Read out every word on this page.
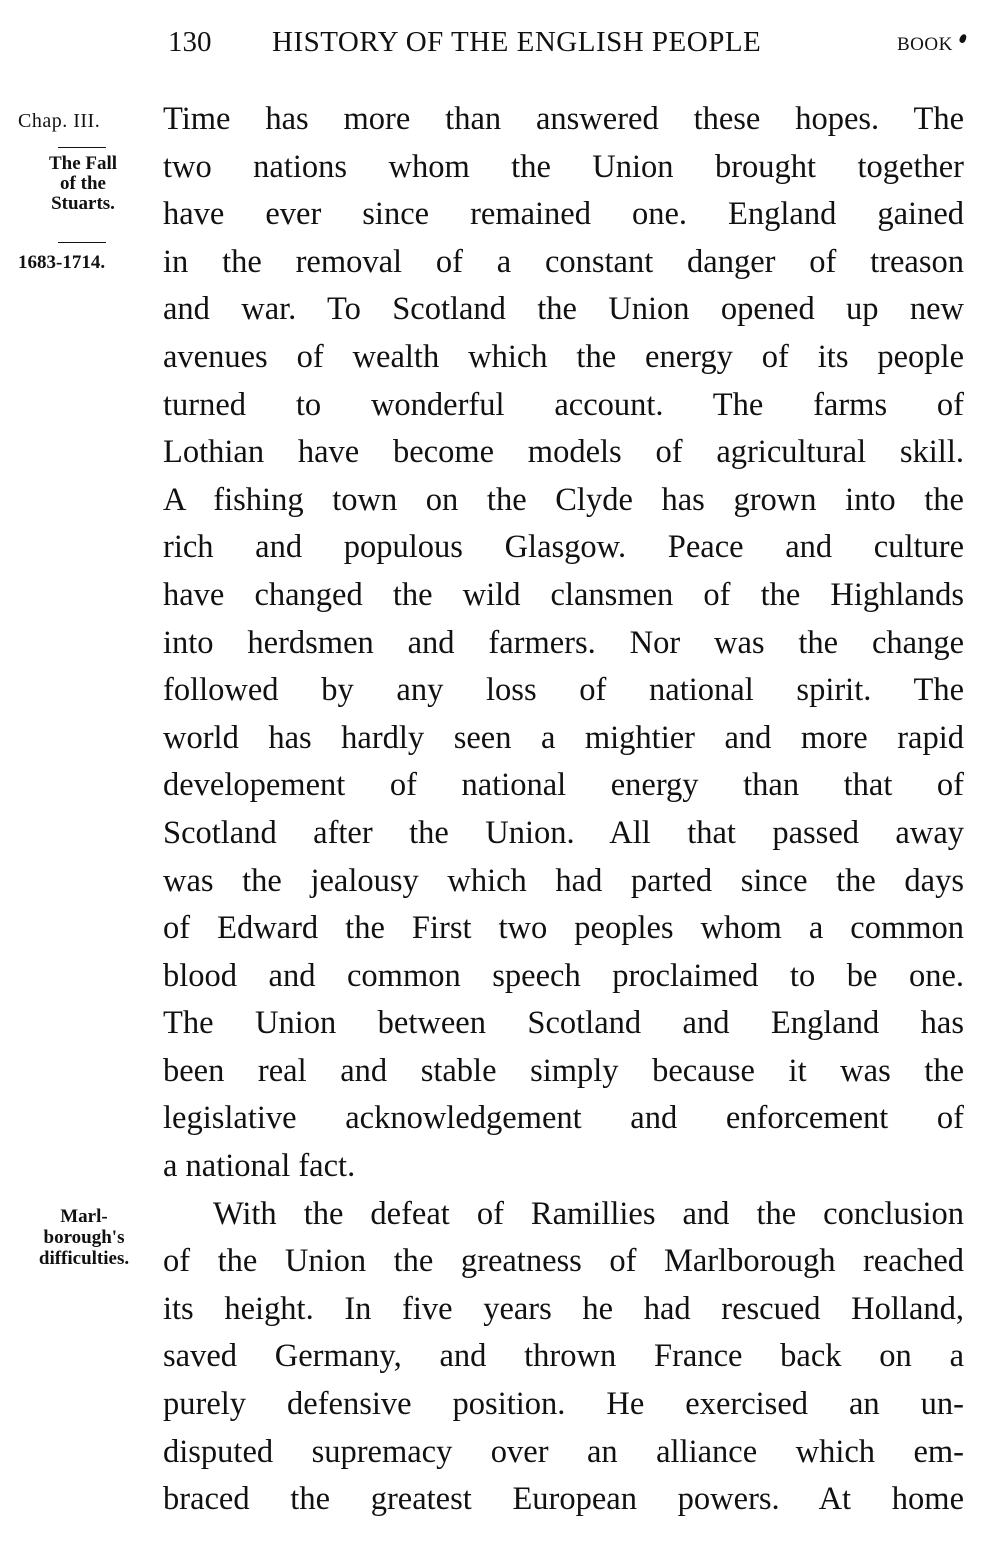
130 HISTORY OF THE ENGLISH PEOPLE	BOOK
Chap. III.
The Fall
of the
Stuarts.
1683-1714.
Marl-
borough's
difficulties.
Time has more than answered these hopes. The
two nations whom the Union brought together
have ever since remained one. England gained
in the removal of a constant danger of treason
and war. To Scotland the Union opened up new
avenues of wealth which the energy of its people
turned to wonderful account. The farms of
Lothian have become models of agricultural skill.
A fishing town on the Clyde has grown into the
rich and populous Glasgow. Peace and culture
have changed the wild clansmen of the Highlands
into herdsmen and farmers. Nor was the change
followed by any loss of national spirit. The
world has hardly seen a mightier and more rapid
developement of national energy than that of
Scotland after the Union. All that passed away
was the jealousy which had parted since the days
of Edward the First two peoples whom a common
blood and common speech proclaimed to be one.
The Union between Scotland and England has
been real and stable simply because it was the
legislative acknowledgement and enforcement of
a national fact.
With the defeat of Ramillies and the conclusion
of the Union the greatness of Marlborough reached
its height. In five years he had rescued Holland,
saved Germany, and thrown France back on a
purely defensive position. He exercised an un-
disputed supremacy over an alliance which em-
braced the greatest European powers. At home
